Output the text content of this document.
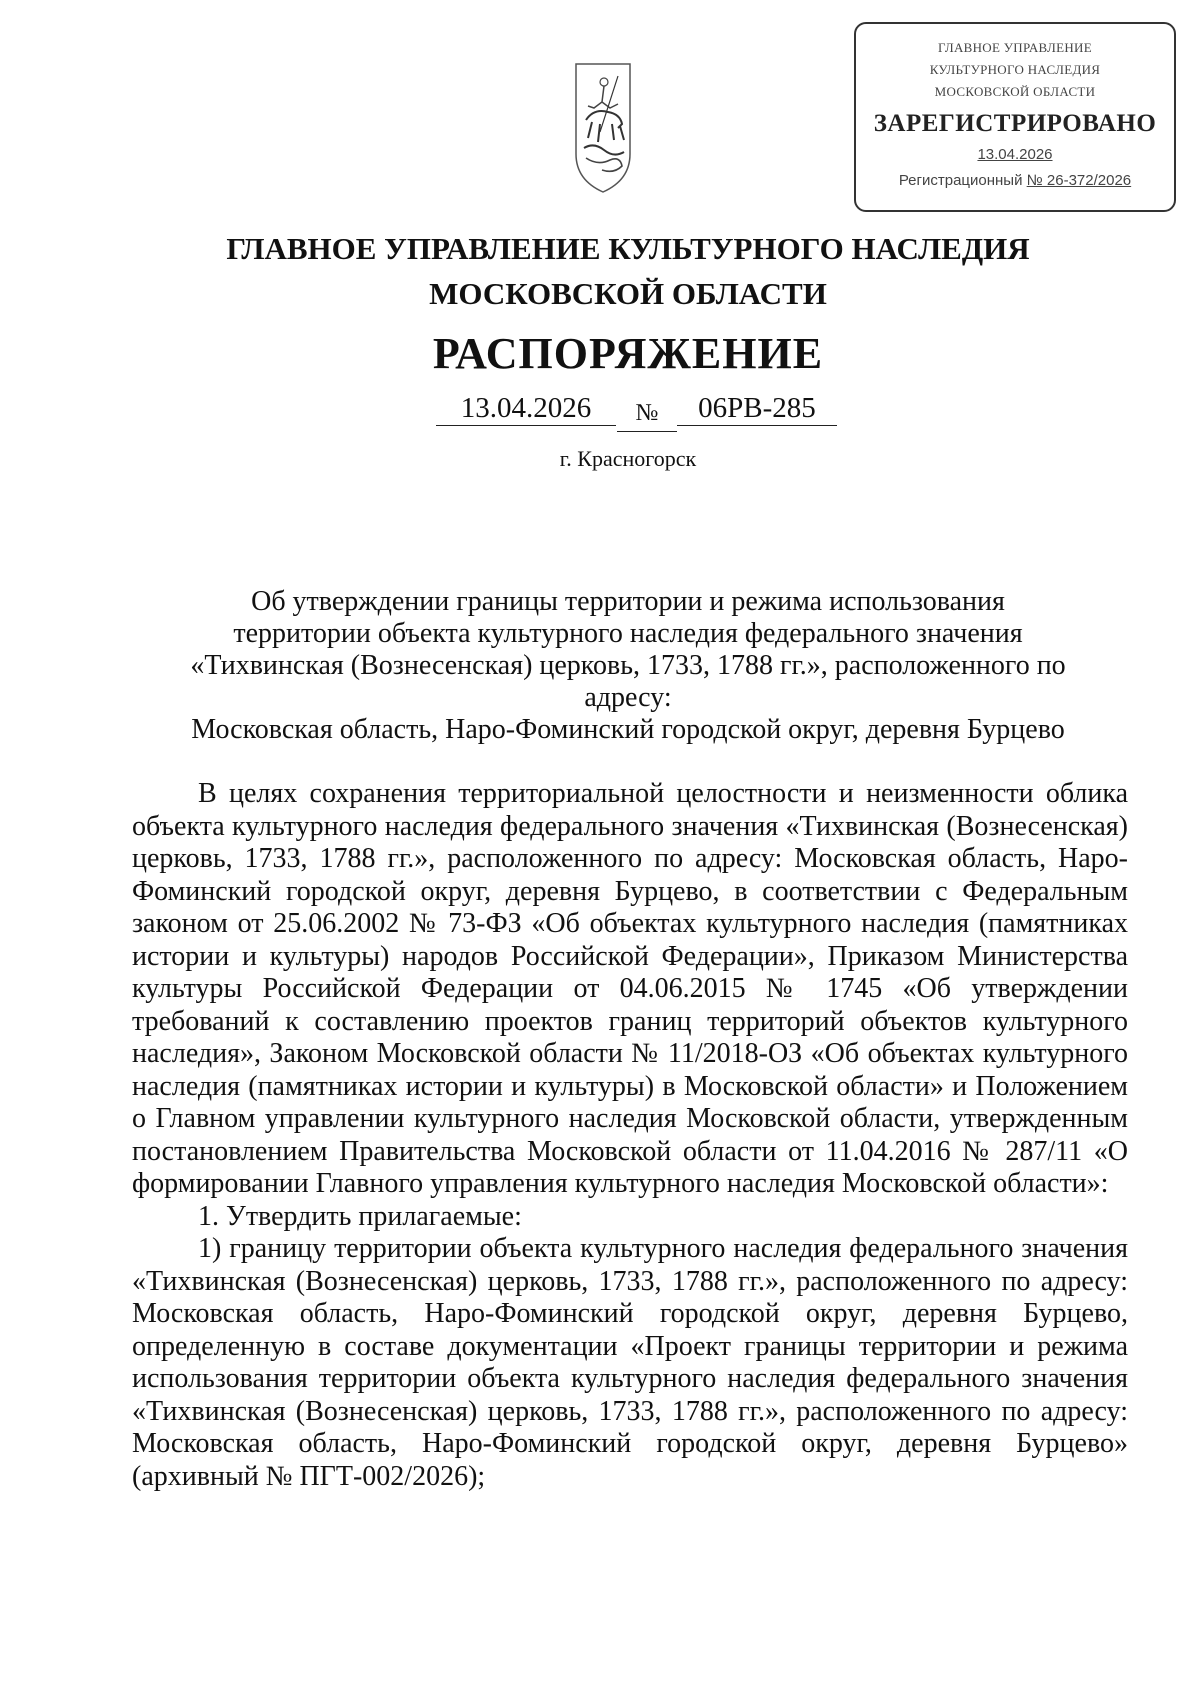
ГЛАВНОЕ УПРАВЛЕНИЕ
КУЛЬТУРНОГО НАСЛЕДИЯ
МОСКОВСКОЙ ОБЛАСТИ
ЗАРЕГИСТРИРОВАНО
13.04.2026
Регистрационный № 26-372/2026
ГЛАВНОЕ УПРАВЛЕНИЕ КУЛЬТУРНОГО НАСЛЕДИЯ
МОСКОВСКОЙ ОБЛАСТИ
РАСПОРЯЖЕНИЕ
13.04.2026	№	06РВ-285
г. Красногорск
Об утверждении границы территории и режима использования
территории объекта культурного наследия федерального значения
«Тихвинская (Вознесенская) церковь, 1733, 1788 гг.», расположенного по адресу:
Московская область, Наро-Фоминский городской округ, деревня Бурцево

В целях сохранения территориальной целостности и неизменности облика объекта культурного наследия федерального значения «Тихвинская (Вознесенская) церковь, 1733, 1788 гг.», расположенного по адресу: Московская область, Наро-Фоминский городской округ, деревня Бурцево, в соответствии с Федеральным законом от 25.06.2002 № 73-ФЗ «Об объектах культурного наследия (памятниках истории и культуры) народов Российской Федерации», Приказом Министерства культуры Российской Федерации от 04.06.2015 № 1745 «Об утверждении требований к составлению проектов границ территорий объектов культурного наследия», Законом Московской области № 11/2018-ОЗ «Об объектах культурного наследия (памятниках истории и культуры) в Московской области» и Положением о Главном управлении культурного наследия Московской области, утвержденным постановлением Правительства Московской области от 11.04.2016 № 287/11 «О формировании Главного управления культурного наследия Московской области»:

1. Утвердить прилагаемые:

1) границу территории объекта культурного наследия федерального значения «Тихвинская (Вознесенская) церковь, 1733, 1788 гг.», расположенного по адресу: Московская область, Наро-Фоминский городской округ, деревня Бурцево, определенную в составе документации «Проект границы территории и режима использования территории объекта культурного наследия федерального значения «Тихвинская (Вознесенская) церковь, 1733, 1788 гг.», расположенного по адресу: Московская область, Наро-Фоминский городской округ, деревня Бурцево» (архивный № ПГТ-002/2026);
